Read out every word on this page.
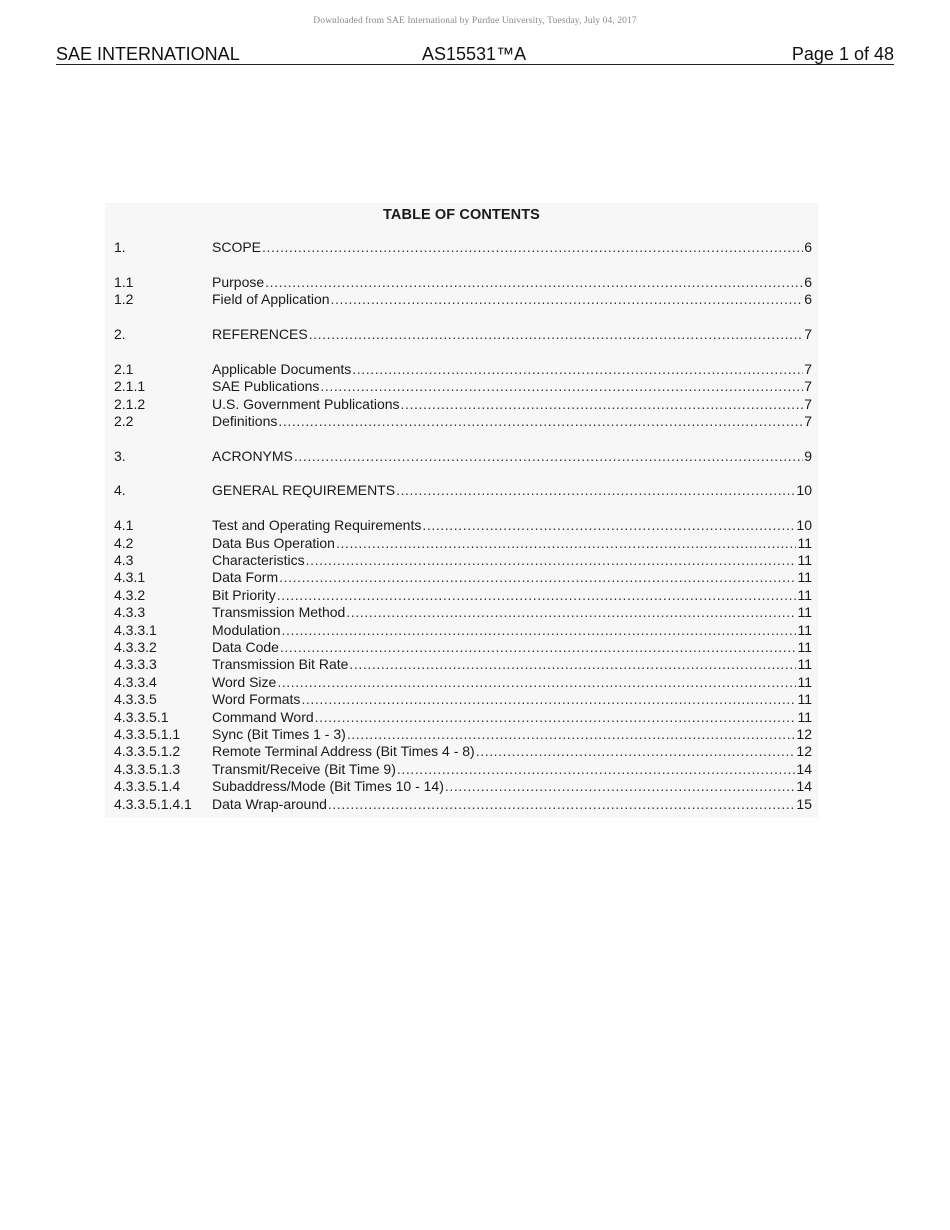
Downloaded from SAE International by Purdue University, Tuesday, July 04, 2017
SAE INTERNATIONAL	AS15531™A	Page 1 of 48
TABLE OF CONTENTS
1.	SCOPE .....	6
1.1	Purpose .....	6
1.2	Field of Application .....	6
2.	REFERENCES .....	7
2.1	Applicable Documents .....	7
2.1.1	SAE Publications .....	7
2.1.2	U.S. Government Publications .....	7
2.2	Definitions .....	7
3.	ACRONYMS .....	9
4.	GENERAL REQUIREMENTS .....	10
4.1	Test and Operating Requirements .....	10
4.2	Data Bus Operation .....	11
4.3	Characteristics .....	11
4.3.1	Data Form .....	11
4.3.2	Bit Priority .....	11
4.3.3	Transmission Method .....	11
4.3.3.1	Modulation .....	11
4.3.3.2	Data Code .....	11
4.3.3.3	Transmission Bit Rate .....	11
4.3.3.4	Word Size .....	11
4.3.3.5	Word Formats .....	11
4.3.3.5.1	Command Word .....	11
4.3.3.5.1.1	Sync (Bit Times 1 - 3) .....	12
4.3.3.5.1.2	Remote Terminal Address (Bit Times 4 - 8) .....	12
4.3.3.5.1.3	Transmit/Receive (Bit Time 9) .....	14
4.3.3.5.1.4	Subaddress/Mode (Bit Times 10 - 14) .....	14
4.3.3.5.1.4.1	Data Wrap-around .....	15
